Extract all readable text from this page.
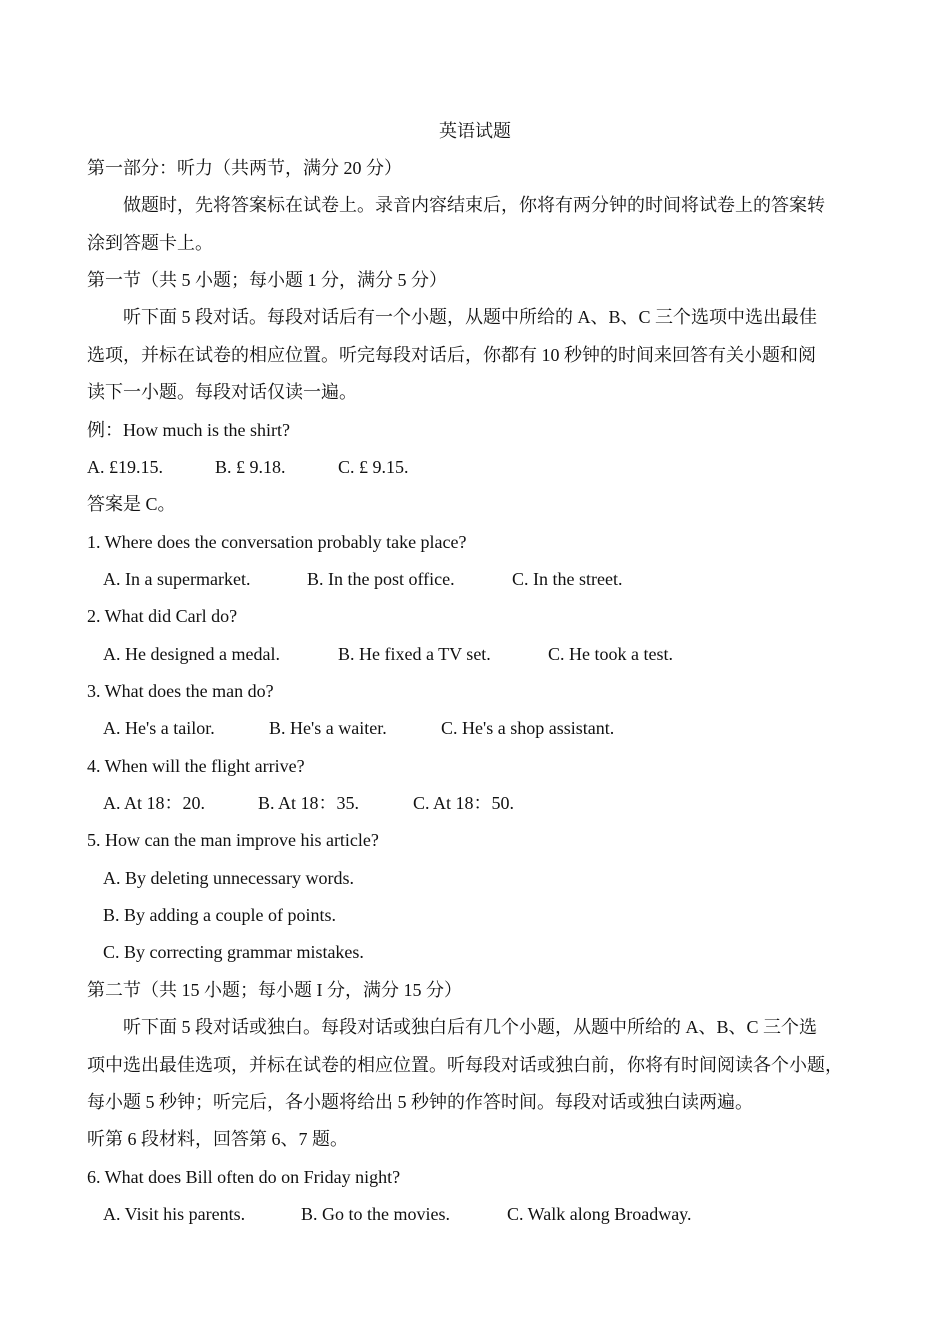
英语试题
第一部分：听力（共两节，满分 20 分）
做题时，先将答案标在试卷上。录音内容结束后，你将有两分钟的时间将试卷上的答案转
涂到答题卡上。
第一节（共 5 小题；每小题 1 分，满分 5 分）
听下面 5 段对话。每段对话后有一个小题，从题中所给的 A、B、C 三个选项中选出最佳
选项，并标在试卷的相应位置。听完每段对话后，你都有 10 秒钟的时间来回答有关小题和阅
读下一小题。每段对话仅读一遍。
例：How much is the shirt?
A. £19.15.	B. £ 9.18.	C. £ 9.15.
答案是 C。
1. Where does the conversation probably take place?
A. In a supermarket.	B. In the post office.	C. In the street.
2. What did Carl do?
A. He designed a medal.	B. He fixed a TV set.	C. He took a test.
3. What does the man do?
A. He's a tailor.	B. He's a waiter.	C. He's a shop assistant.
4. When will the flight arrive?
A. At 18：20.	B. At 18：35.	C. At 18：50.
5. How can the man improve his article?
A. By deleting unnecessary words.
B. By adding a couple of points.
C. By correcting grammar mistakes.
第二节（共 15 小题；每小题 I 分，满分 15 分）
听下面 5 段对话或独白。每段对话或独白后有几个小题，从题中所给的 A、B、C 三个选
项中选出最佳选项，并标在试卷的相应位置。听每段对话或独白前，你将有时间阅读各个小题，
每小题 5 秒钟；听完后，各小题将给出 5 秒钟的作答时间。每段对话或独白读两遍。
听第 6 段材料，回答第 6、7 题。
6. What does Bill often do on Friday night?
A. Visit his parents.	B. Go to the movies.	C. Walk along Broadway.
